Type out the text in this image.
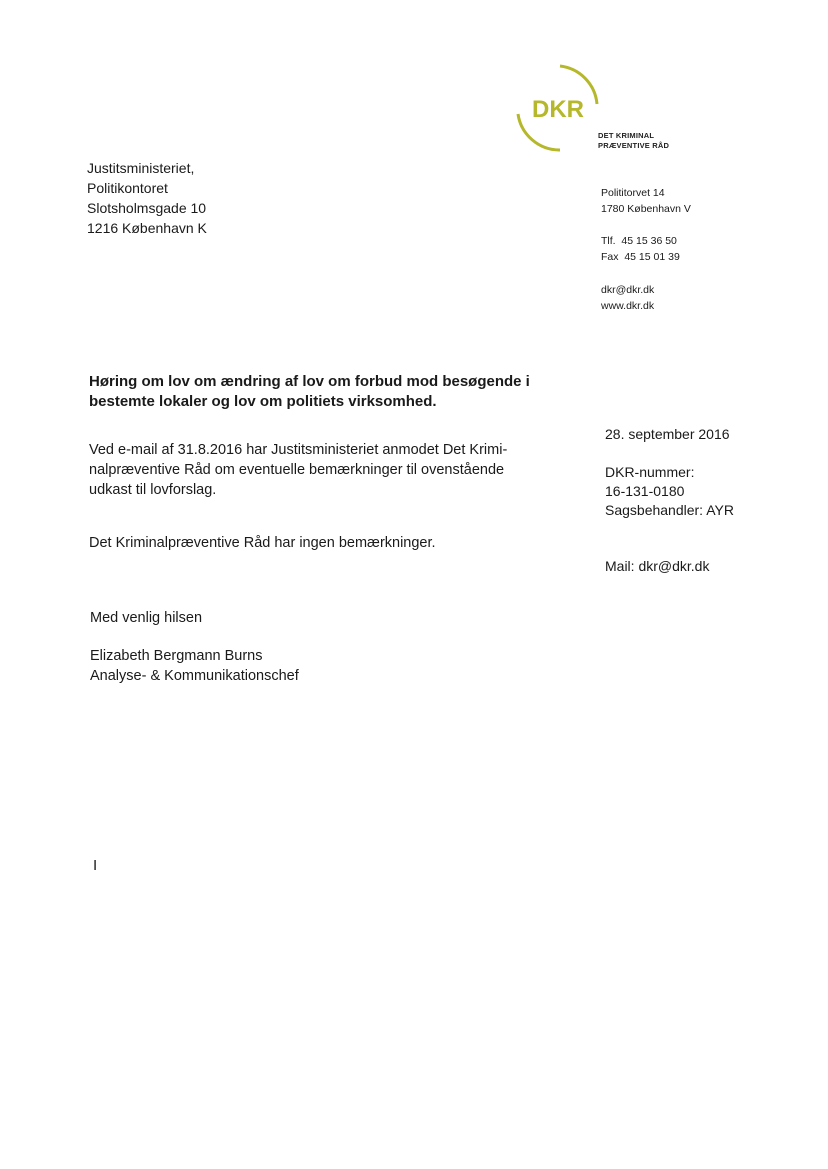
DKR
DET KRIMINAL
PRÆVENTIVE RÅD
Justitsministeriet,
Politikontoret
Slotsholmsgade 10
1216 København K
Polititorvet 14
1780 København V
Tlf.  45 15 36 50
Fax  45 15 01 39
dkr@dkr.dk
www.dkr.dk
Høring om lov om ændring af lov om forbud mod besøgende i
bestemte lokaler og lov om politiets virksomhed.
Ved e-mail af 31.8.2016 har Justitsministeriet anmodet Det Krimi-
nalpræventive Råd om eventuelle bemærkninger til ovenstående
udkast til lovforslag.
Det Kriminalpræventive Råd har ingen bemærkninger.
28. september 2016
DKR-nummer:
16-131-0180
Sagsbehandler: AYR
Mail: dkr@dkr.dk
Med venlig hilsen
Elizabeth Bergmann Burns
Analyse- & Kommunikationschef
I
